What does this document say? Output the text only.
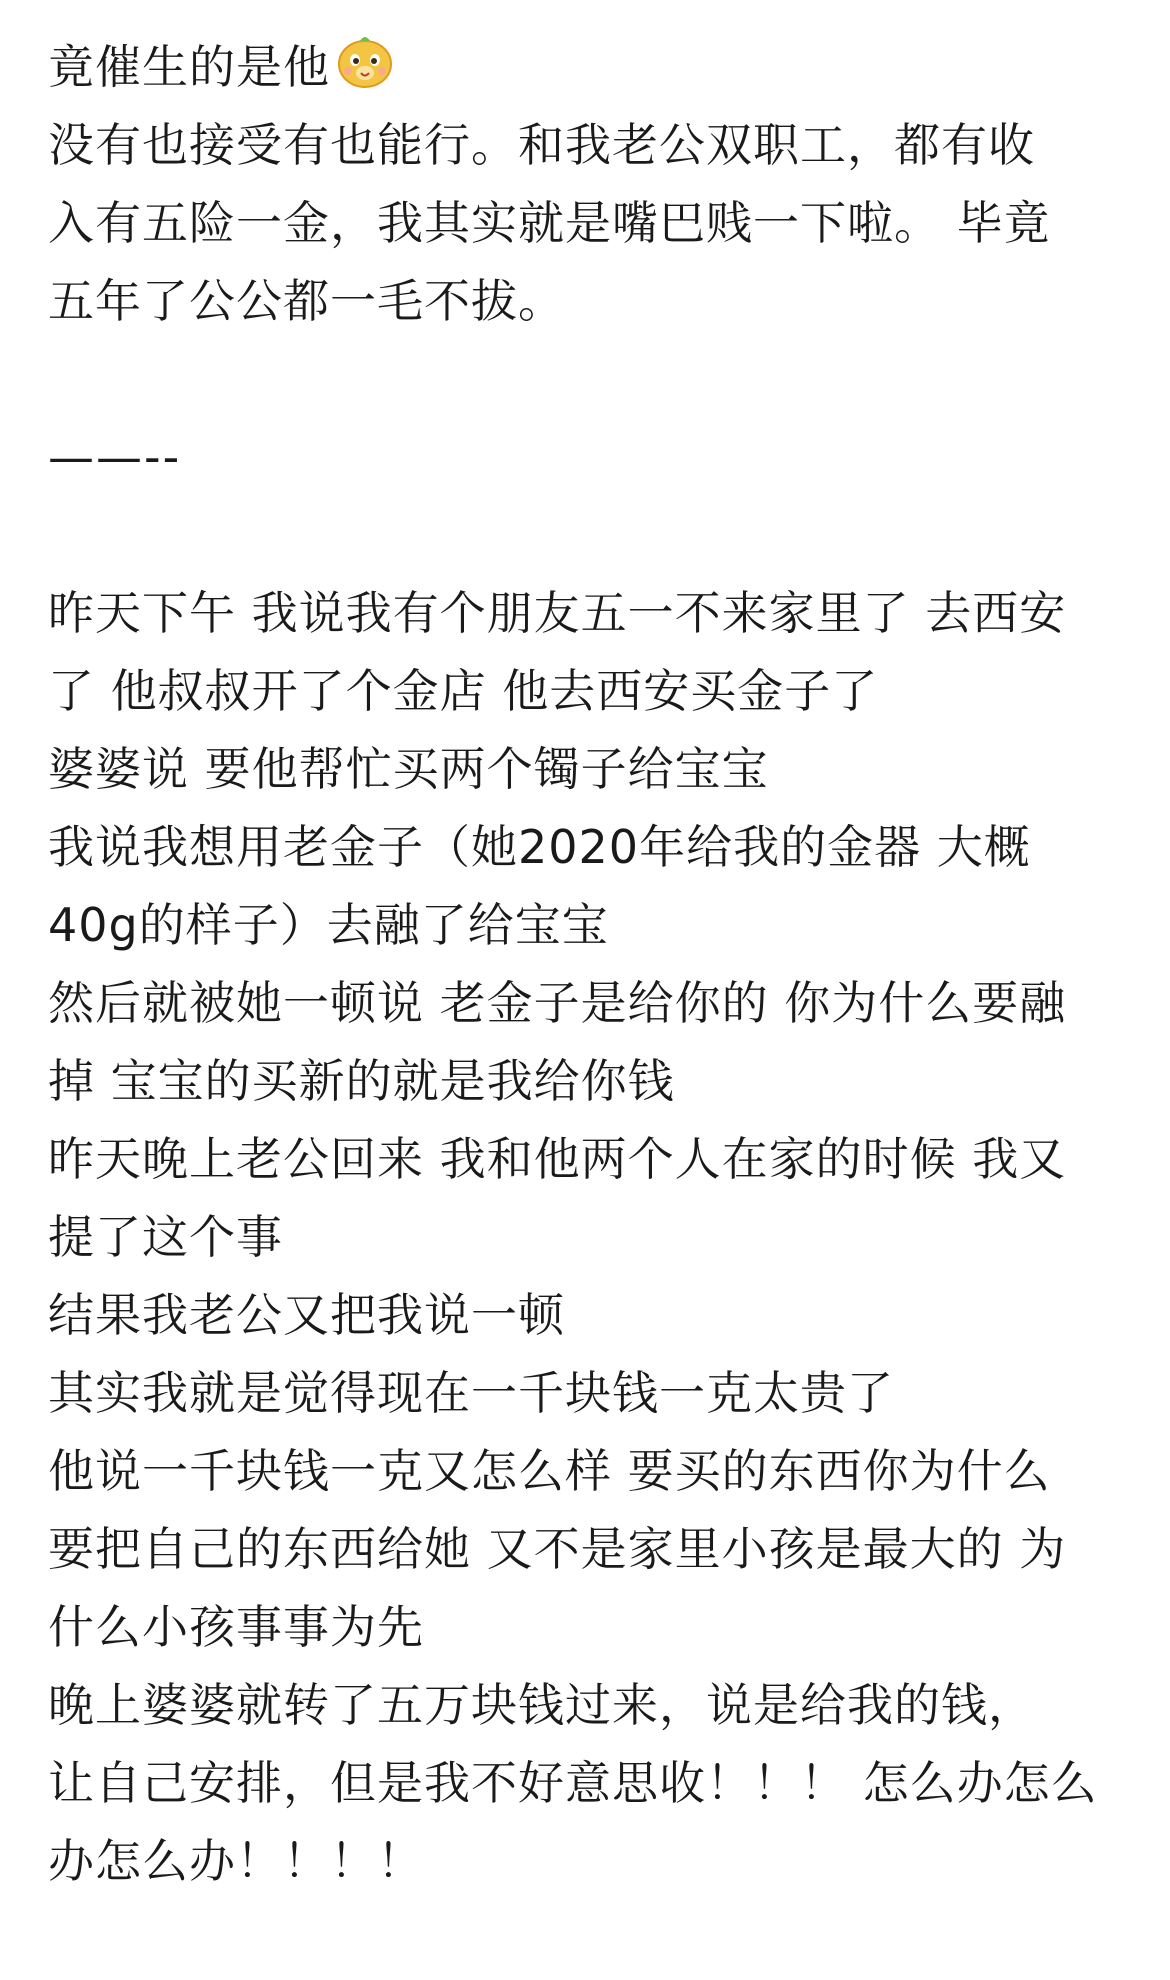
竟催生的是他
没有也接受有也能行。和我老公双职工，都有收
入有五险一金，我其实就是嘴巴贱一下啦。 毕竟
五年了公公都一毛不拔。
——--
昨天下午 我说我有个朋友五一不来家里了 去西安
了 他叔叔开了个金店 他去西安买金子了
婆婆说 要他帮忙买两个镯子给宝宝
我说我想用老金子（她2020年给我的金器 大概
40g的样子）去融了给宝宝
然后就被她一顿说 老金子是给你的 你为什么要融
掉 宝宝的买新的就是我给你钱
昨天晚上老公回来 我和他两个人在家的时候 我又
提了这个事
结果我老公又把我说一顿
其实我就是觉得现在一千块钱一克太贵了
他说一千块钱一克又怎么样 要买的东西你为什么
要把自己的东西给她 又不是家里小孩是最大的 为
什么小孩事事为先
晚上婆婆就转了五万块钱过来，说是给我的钱，
让自己安排，但是我不好意思收！！！ 怎么办怎么
办怎么办！！！！
